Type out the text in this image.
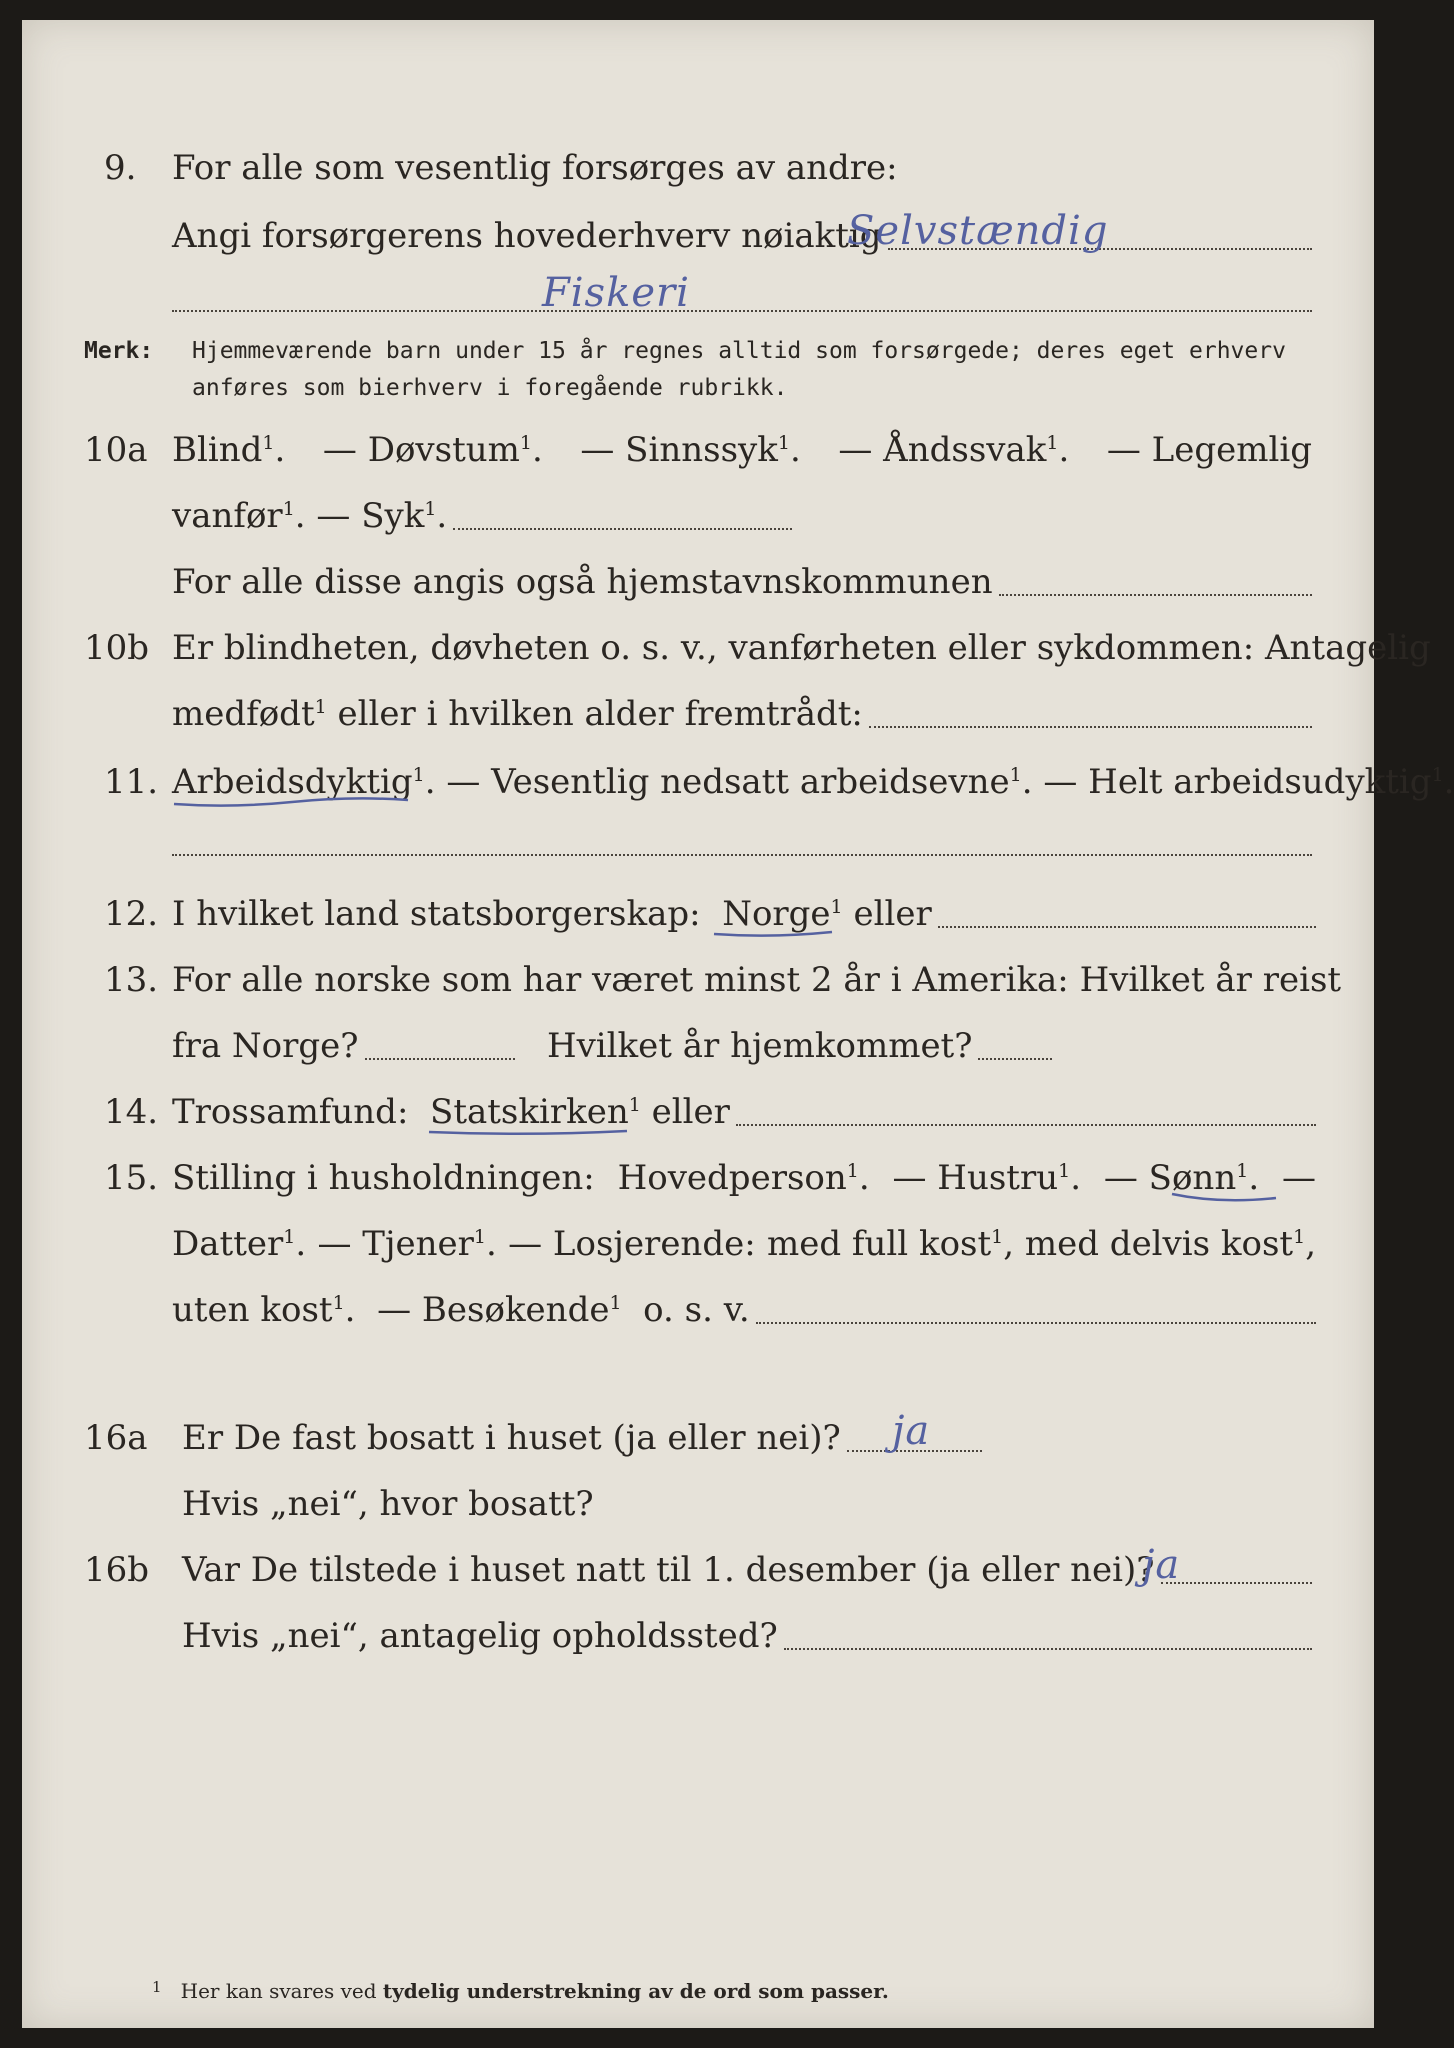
9. For alle som vesentlig forsørges av andre:
Angi forsørgerens hovederhverv nøiaktig
Selvstændig
Fiskeri
Merk: Hjemmeværende barn under 15 år regnes alltid som forsørgede; deres eget erhverv
anføres som bierhverv i foregående rubrikk.
10a Blind$^1$. — Døvstum$^1$. — Sinnssyk$^1$. — Åndssvak$^1$. — Legemlig
vanfør$^1$.
— Syk$^1$.
For alle disse angis også hjemstavnskommunen
10b Er blindheten, døvheten o. s. v., vanførheten eller sykdommen: Antagelig
medfødt$^1$
eller i hvilken alder fremtrådt:
11. Arbeidsdyktig$^1$ . — Vesentlig nedsatt arbeidsevne$^1$ . — Helt arbeidsudyktig$^1$.
12. I hvilket land statsborgerskap:
Norge$^1$
eller
13. For alle norske som har været minst 2 år i Amerika: Hvilket år reist
fra Norge?
	Hvilket år hjemkommet?
14. Trossamfund:
Statskirken$^1$
eller
15. Stilling i husholdningen: Hovedperson$^1$. — Hustru$^1$. — Sønn$^1$. —
Datter$^1$. — Tjener$^1$. — Losjerende: med full kost$^1$, med delvis kost$^1$,
uten kost$^1$.
— Besøkende$^1$
o. s. v.
16a Er De fast bosatt i huset (ja eller nei)? ja
Hvis „nei“, hvor bosatt?
16b Var De tilstede i huset natt til 1. desember (ja eller nei)?
ja
Hvis „nei“, antagelig opholdssted?
$^1$ Her kan svares ved tydelig understrekning av de ord som passer.
